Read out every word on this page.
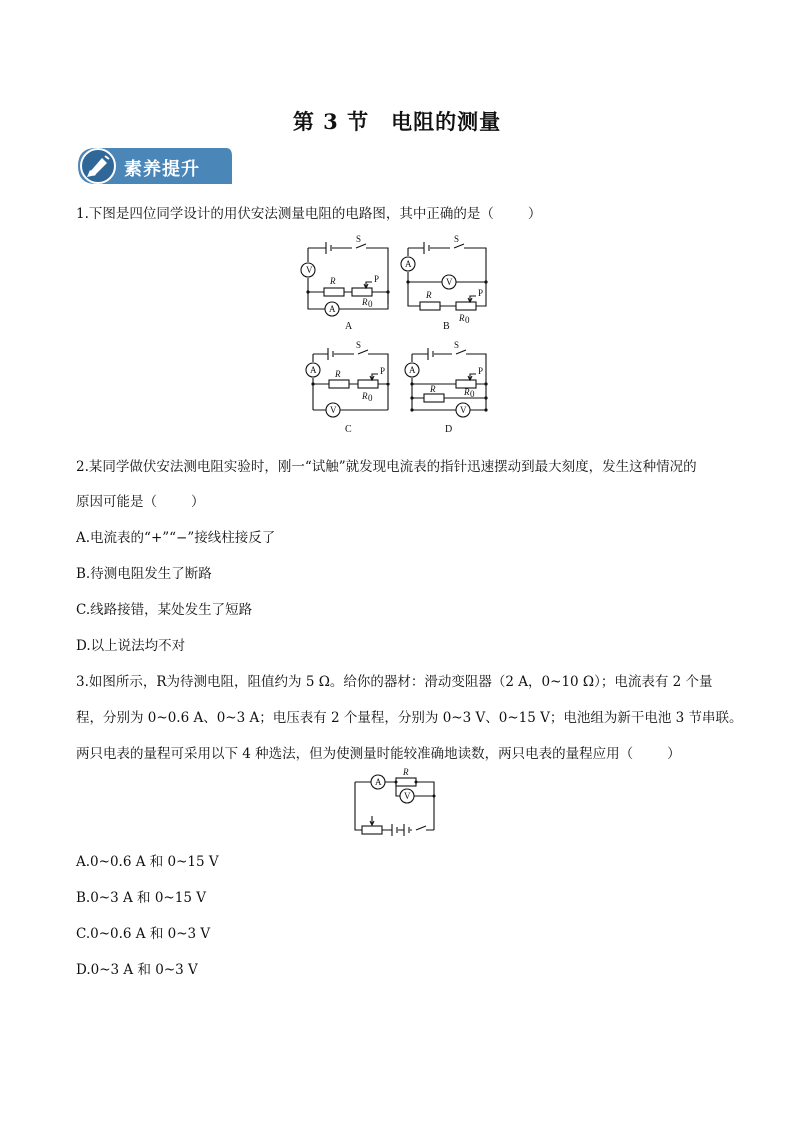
第 3 节 电阻的测量
素养提升
1.下图是四位同学设计的用伏安法测量电阻的电路图，其中正确的是（	）
S
V
A
R	P
R 0
A
S
A
V
R	P
R 0
B
S
A
V
R	P
R 0
C
S
A
V
R
P
R 0
D
2.某同学做伏安法测电阻实验时，刚一“试触”就发现电流表的指针迅速摆动到最大刻度，发生这种情况的
原因可能是（	）
A.电流表的“+”“−”接线柱接反了
B.待测电阻发生了断路
C.线路接错，某处发生了短路
D.以上说法均不对
3.如图所示，R为待测电阻，阻值约为 5 Ω。给你的器材：滑动变阻器（2 A，0~10 Ω）；电流表有 2 个量
程，分别为 0~0.6 A、0~3 A；电压表有 2 个量程，分别为 0~3 V、0~15 V；电池组为新干电池 3 节串联。
两只电表的量程可采用以下 4 种选法，但为使测量时能较准确地读数，两只电表的量程应用（	）
A
V
R
A.0~0.6 A 和 0~15 V
B.0~3 A 和 0~15 V
C.0~0.6 A 和 0~3 V
D.0~3 A 和 0~3 V
